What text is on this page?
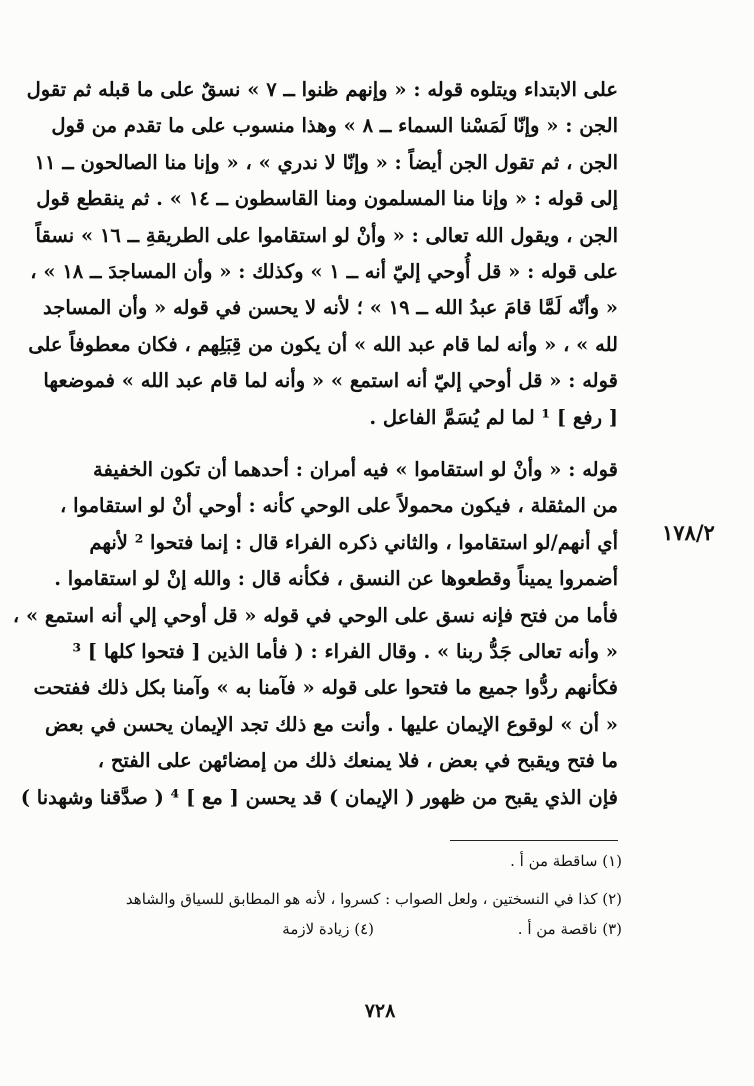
على الابتداء ويتلوه قوله : « وإنهم ظنوا ــ ٧ » نسقٌ على ما قبله ثم تقول
الجن : « وإنّا لَمَسْنا السماء ــ ٨ » وهذا منسوب على ما تقدم من قول
الجن ، ثم تقول الجن أيضاً : « وإنّا لا ندري » ، « وإنا منا الصالحون ــ ١١
إلى قوله : « وإنا منا المسلمون ومنا القاسطون ــ ١٤ » . ثم ينقطع قول
الجن ، ويقول الله تعالى : « وأنْ لو استقاموا على الطريقةِ ــ ١٦ » نسقاً
على قوله : « قل أُوحي إليّ أنه ــ ١ » وكذلك : « وأن المساجدَ ــ ١٨ » ،
« وأنّه لَمَّا قامَ عبدُ الله ــ ١٩ » ؛ لأنه لا يحسن في قوله « وأن المساجد
لله » ، « وأنه لما قام عبد الله » أن يكون من قِبَلِهم ، فكان معطوفاً على
قوله : « قل أوحي إليّ أنه استمع » « وأنه لما قام عبد الله » فموضعها
[ رفع ] ¹ لما لم يُسَمَّ الفاعل .
قوله : « وأنْ لو استقاموا » فيه أمران : أحدهما أن تكون الخفيفة
من المثقلة ، فيكون محمولاً على الوحي كأنه : أوحي أنْ لو استقاموا ،
أي أنهم/لو استقاموا ، والثاني ذكره الفراء قال : إنما فتحوا ² لأنهم
أضمروا يميناً وقطعوها عن النسق ، فكأنه قال : والله إنْ لو استقاموا .
فأما من فتح فإنه نسق على الوحي في قوله « قل أوحي إلي أنه استمع » ،
« وأنه تعالى جَدُّ ربنا » . وقال الفراء : ( فأما الذين [ فتحوا كلها ] ³
فكأنهم ردُّوا جميع ما فتحوا على قوله « فآمنا به » وآمنا بكل ذلك ففتحت
« أن » لوقوع الإيمان عليها . وأنت مع ذلك تجد الإيمان يحسن في بعض
ما فتح ويقبح في بعض ، فلا يمنعك ذلك من إمضائهن على الفتح ،
فإن الذي يقبح من ظهور ( الإيمان ) قد يحسن [ مع ] ⁴ ( صدَّقنا وشهدنا )
١٧٨/٢
(١) ساقطة من أ .
(٢) كذا في النسختين ، ولعل الصواب : كسروا ، لأنه هو المطابق للسياق والشاهد
(٣) ناقصة من أ .
(٤) زيادة لازمة
٧٢٨
